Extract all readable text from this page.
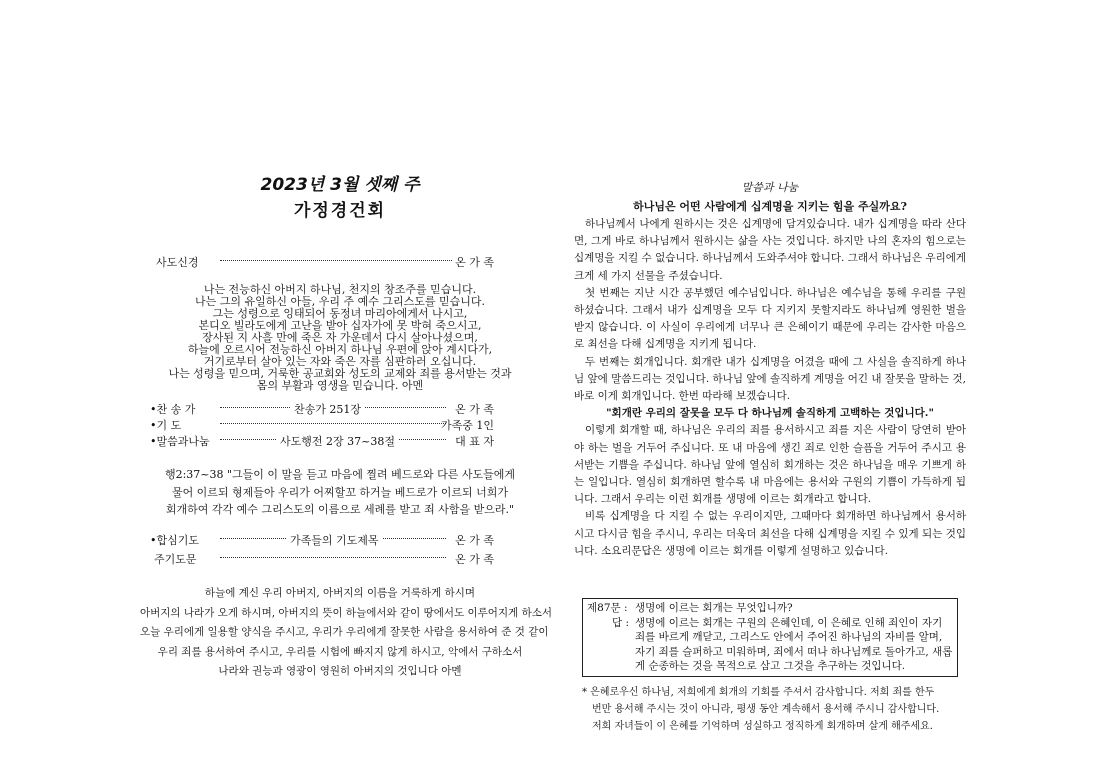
2023년 3월 셋째 주
가정경건회
사도신경	온 가 족
나는 전능하신 아버지 하나님, 천지의 창조주를 믿습니다.
나는 그의 유일하신 아들, 우리 주 예수 그리스도를 믿습니다.
그는 성령으로 잉태되어 동정녀 마리아에게서 나시고,
본디오 빌라도에게 고난을 받아 십자가에 못 박혀 죽으시고,
장사된 지 사흘 만에 죽은 자 가운데서 다시 살아나셨으며,
하늘에 오르시어 전능하신 아버지 하나님 우편에 앉아 계시다가,
거기로부터 살아 있는 자와 죽은 자를 심판하러 오십니다.
나는 성령을 믿으며, 거룩한 공교회와 성도의 교제와 죄를 용서받는 것과
몸의 부활과 영생을 믿습니다. 아멘
•찬 송 가	찬송가 251장	온 가 족
•기 도	가족중 1인
•말씀과나눔	사도행전 2장 37~38절	대 표 자
행2:37~38 "그들이 이 말을 듣고 마음에 찔려 베드로와 다른 사도들에게
물어 이르되 형제들아 우리가 어찌할꼬 하거늘 베드로가 이르되 너희가
회개하여 각각 예수 그리스도의 이름으로 세례를 받고 죄 사함을 받으라."
•합심기도	가족들의 기도제목	온 가 족
주기도문	온 가 족
하늘에 계신 우리 아버지, 아버지의 이름을 거룩하게 하시며
아버지의 나라가 오게 하시며, 아버지의 뜻이 하늘에서와 같이 땅에서도 이루어지게 하소서
오늘 우리에게 일용할 양식을 주시고, 우리가 우리에게 잘못한 사람을 용서하여 준 것 같이
우리 죄를 용서하여 주시고, 우리를 시험에 빠지지 않게 하시고, 악에서 구하소서
나라와 권능과 영광이 영원히 아버지의 것입니다 아멘
말씀과 나눔
하나님은 어떤 사람에게 십계명을 지키는 힘을 주실까요?

하나님께서 나에게 원하시는 것은 십계명에 담겨있습니다. 내가 십계명을 따라 산다면, 그게 바로 하나님께서 원하시는 삶을 사는 것입니다. 하지만 나의 혼자의 힘으로는 십계명을 지킬 수 없습니다. 하나님께서 도와주셔야 합니다. 그래서 하나님은 우리에게 크게 세 가지 선물을 주셨습니다.

첫 번째는 지난 시간 공부했던 예수님입니다. 하나님은 예수님을 통해 우리를 구원하셨습니다. 그래서 내가 십계명을 모두 다 지키지 못할지라도 하나님께 영원한 벌을 받지 않습니다. 이 사실이 우리에게 너무나 큰 은혜이기 때문에 우리는 감사한 마음으로 최선을 다해 십계명을 지키게 됩니다.

두 번째는 회개입니다. 회개란 내가 십계명을 어겼을 때에 그 사실을 솔직하게 하나님 앞에 말씀드리는 것입니다. 하나님 앞에 솔직하게 계명을 어긴 내 잘못을 말하는 것, 바로 이게 회개입니다. 한번 따라해 보겠습니다.

"회개란 우리의 잘못을 모두 다 하나님께 솔직하게 고백하는 것입니다."

이렇게 회개할 때, 하나님은 우리의 죄를 용서하시고 죄를 지은 사람이 당연히 받아야 하는 벌을 거두어 주십니다. 또 내 마음에 생긴 죄로 인한 슬픔을 거두어 주시고 용서받는 기쁨을 주십니다. 하나님 앞에 열심히 회개하는 것은 하나님을 매우 기쁘게 하는 일입니다. 열심히 회개하면 할수록 내 마음에는 용서와 구원의 기쁨이 가득하게 됩니다. 그래서 우리는 이런 회개를 생명에 이르는 회개라고 합니다.

비록 십계명을 다 지킬 수 없는 우리이지만, 그때마다 회개하면 하나님께서 용서하시고 다시금 힘을 주시니, 우리는 더욱더 최선을 다해 십계명을 지킬 수 있게 되는 것입니다. 소요리문답은 생명에 이르는 회개를 이렇게 설명하고 있습니다.

제87문 : 생명에 이르는 회개는 무엇입니까?
답 : 생명에 이르는 회개는 구원의 은혜인데, 이 은혜로 인해 죄인이 자기 죄를 바르게 깨닫고, 그리스도 안에서 주어진 하나님의 자비를 알며, 자기 죄를 슬퍼하고 미워하며, 죄에서 떠나 하나님께로 돌아가고, 새롭게 순종하는 것을 목적으로 삼고 그것을 추구하는 것입니다.
* 은혜로우신 하나님, 저희에게 회개의 기회를 주셔서 감사합니다. 저희 죄를 한두
번만 용서해 주시는 것이 아니라, 평생 동안 계속해서 용서해 주시니 감사합니다.
저희 자녀들이 이 은혜를 기억하며 성실하고 정직하게 회개하며 살게 해주세요.
